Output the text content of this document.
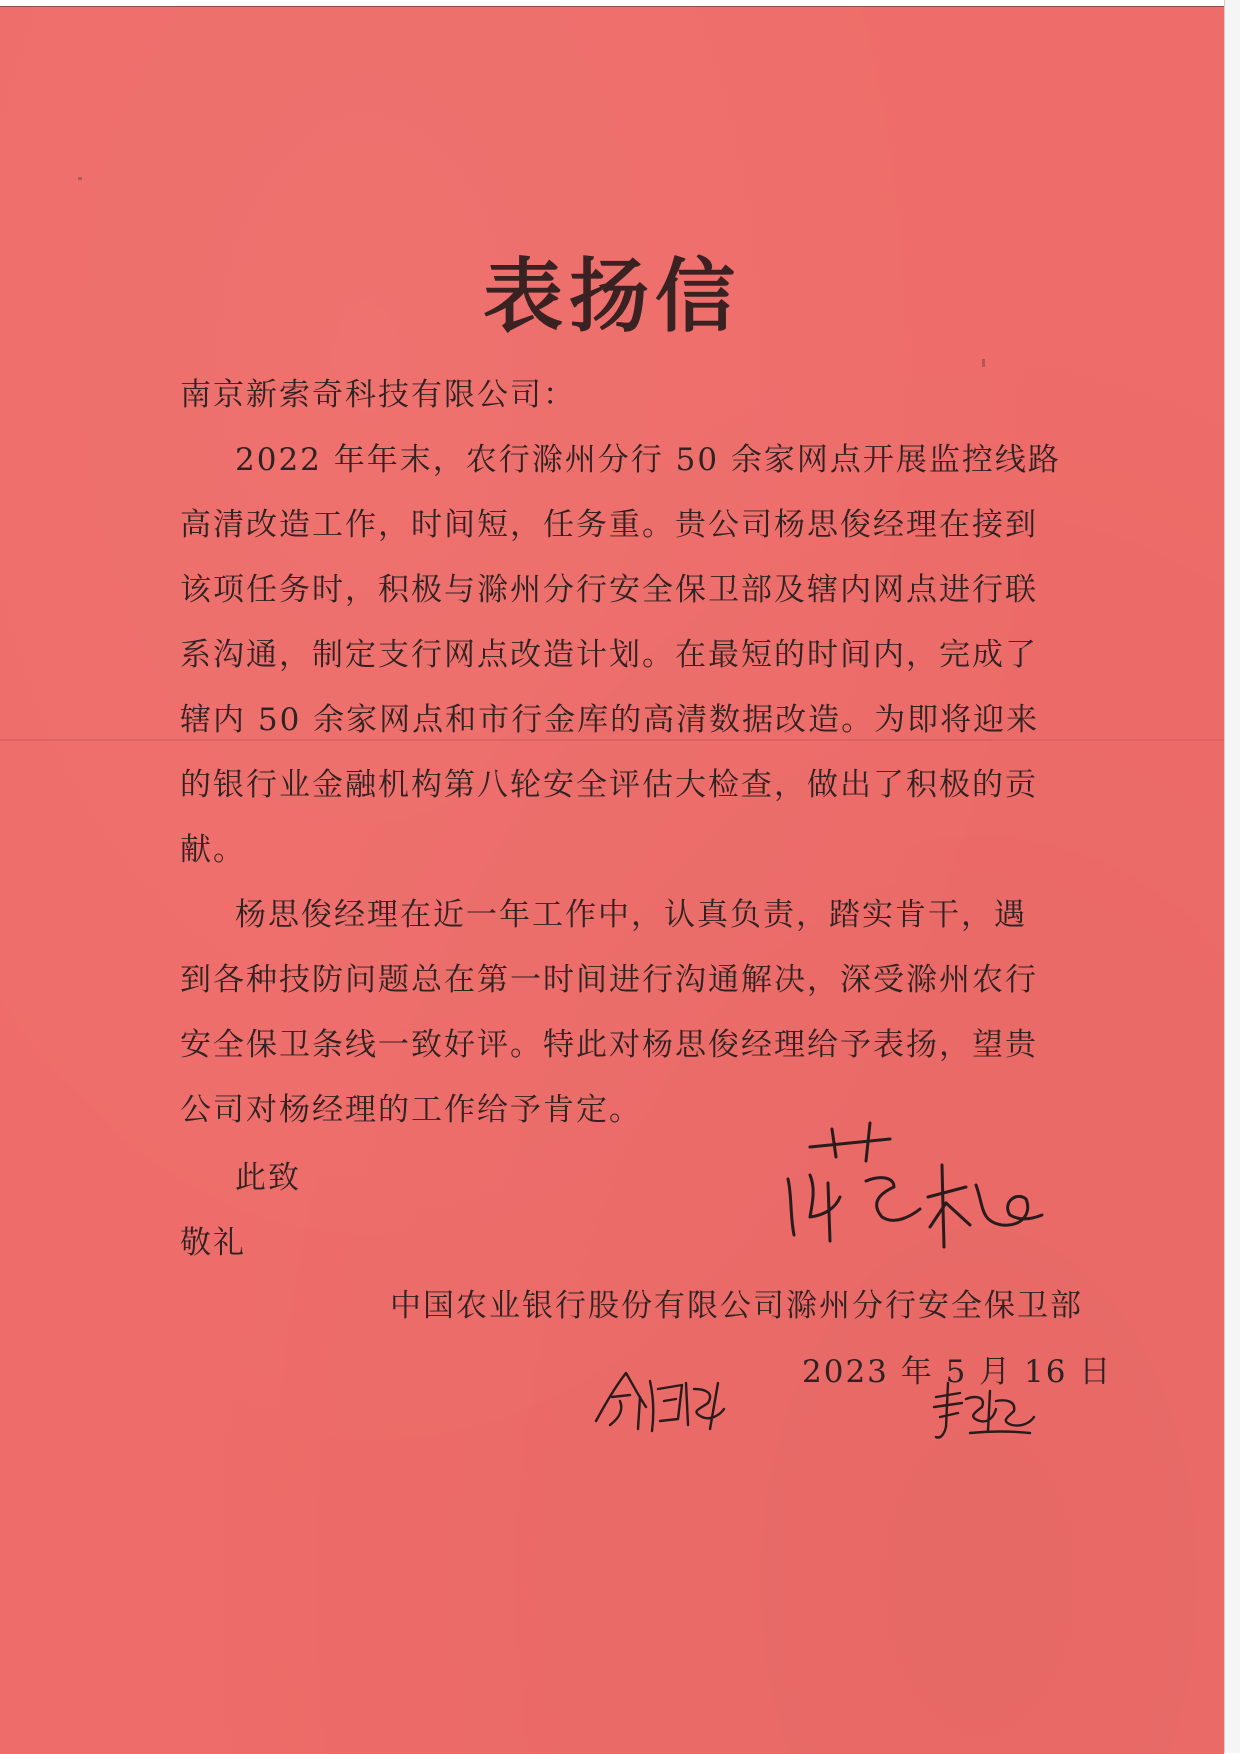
表扬信
南京新索奇科技有限公司：
2022 年年末，农行滁州分行 50 余家网点开展监控线路
高清改造工作，时间短，任务重。贵公司杨思俊经理在接到
该项任务时，积极与滁州分行安全保卫部及辖内网点进行联
系沟通，制定支行网点改造计划。在最短的时间内，完成了
辖内 50 余家网点和市行金库的高清数据改造。为即将迎来
的银行业金融机构第八轮安全评估大检查，做出了积极的贡
献。
杨思俊经理在近一年工作中，认真负责，踏实肯干，遇
到各种技防问题总在第一时间进行沟通解决，深受滁州农行
安全保卫条线一致好评。特此对杨思俊经理给予表扬，望贵
公司对杨经理的工作给予肯定。
此致
敬礼
中国农业银行股份有限公司滁州分行安全保卫部
2023 年 5 月 16 日
